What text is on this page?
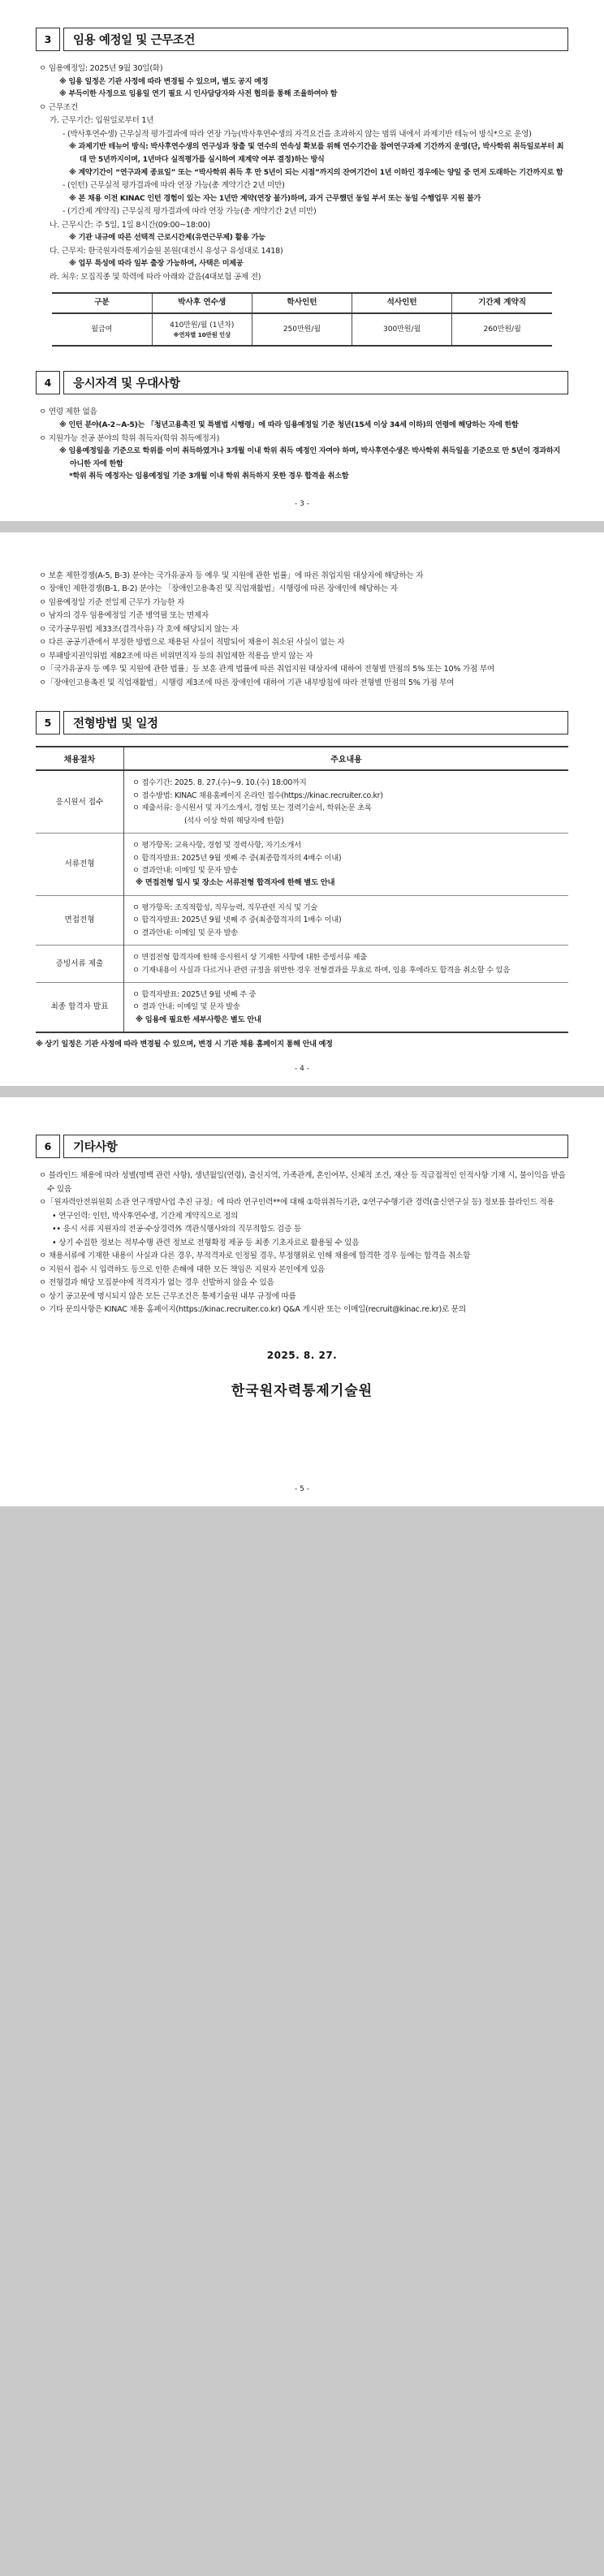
3	임용 예정일 및 근무조건
ㅇ 임용예정일: 2025년 9월 30일(화)
※ 임용 일정은 기관 사정에 따라 변경될 수 있으며, 별도 공지 예정
※ 부득이한 사정으로 임용일 연기 필요 시 인사담당자와 사전 협의를 통해 조율하여야 함
ㅇ 근무조건
가. 근무기간: 입원일로부터 1년
- (박사후연수생) 근무실적 평가결과에 따라 연장 가능(박사후연수생의 자격요건을 초과하지 않는 범위 내에서 과제기반 테뉴어 방식*으로 운영)
※ 과제기반 테뉴어 방식: 박사후연수생의 연구성과 창출 및 연수의 연속성 확보를 위해 연수기간을 참여연구과제 기간까지 운영(단, 박사학위 취득일로부터 최대 만 5년까지이며, 1년마다 실적평가를 실시하여 재계약 여부 결정)하는 방식
※ 계약기간이 “연구과제 종료일” 또는 “박사학위 취득 후 만 5년이 되는 시점”까지의 잔여기간이 1년 이하인 경우에는 양일 중 먼저 도래하는 기간까지로 함
- (인턴) 근무실적 평가결과에 따라 연장 가능(총 계약기간 2년 미만)
※ 본 채용 이전 KINAC 인턴 경험이 있는 자는 1년만 계약(연장 불가)하며, 과거 근무했던 동일 부서 또는 동일 수행업무 지원 불가
- (기간제 계약직) 근무실적 평가결과에 따라 연장 가능(총 계약기간 2년 미만)
나. 근무시간: 주 5일, 1일 8시간(09:00~18:00)
※ 기관 내규에 따른 선택적 근로시간제(유연근무제) 활용 가능
다. 근무지: 한국원자력통제기술원 본원(대전시 유성구 유성대로 1418)
※ 업무 특성에 따라 일부 출장 가능하며, 사택은 미제공
라. 처우: 모집직종 및 학력에 따라 아래와 같음(4대보험 공제 전)
구분	박사후 연수생	학사인턴	석사인턴	기간제 계약직
월급여	410만원/월 (1년차)
※연차별 10만원 인상	250만원/월	300만원/월	260만원/월
4	응시자격 및 우대사항
ㅇ 연령 제한 없음
※ 인턴 분야(A-2~A-5)는 「청년고용촉진 및 특별법 시행령」에 따라 임용예정일 기준 청년(15세 이상 34세 이하)의 연령에 해당하는 자에 한함
ㅇ 지원가능 전공 분야의 학위 취득자(학위 취득예정자)
※ 임용예정일을 기준으로 학위를 이미 취득하였거나 3개월 이내 학위 취득 예정인 자여야 하며, 박사후연수생은 박사학위 취득일을 기준으로 만 5년이 경과하지 아니한 자에 한함
*학위 취득 예정자는 임용예정일 기준 3개월 이내 학위 취득하지 못한 경우 합격을 취소함
- 3 -
ㅇ 보훈 제한경쟁(A-5, B-3) 분야는 국가유공자 등 예우 및 지원에 관한 법률」에 따른 취업지원 대상자에 해당하는 자
ㅇ 장애인 제한경쟁(B-1, B-2) 분야는 「장애인고용촉진 및 직업재활법」시행령에 따른 장애인에 해당하는 자
ㅇ 임용예정일 기준 전일제 근무가 가능한 자
ㅇ 남자의 경우 임용예정일 기준 병역필 또는 면제자
ㅇ 국가공무원법 제33조(결격사유) 각 호에 해당되지 않는 자
ㅇ 다른 공공기관에서 부정한 방법으로 채용된 사실이 적발되어 채용이 취소된 사실이 없는 자
ㅇ 부패방지권익위법 제82조에 따른 비위면직자 등의 취업제한 적용을 받지 않는 자
ㅇ「국가유공자 등 예우 및 지원에 관한 법률」등 보훈 관계 법률에 따른 취업지원 대상자에 대하여 전형별 만점의 5% 또는 10% 가점 부여
ㅇ「장애인고용촉진 및 직업재활법」시행령 제3조에 따른 장애인에 대하여 기관 내부방침에 따라 전형별 만점의 5% 가점 부여
5	전형방법 및 일정
채용절차	주요내용
응시원서 접수	ㅇ 접수기간: 2025. 8. 27.(수)~9. 10.(수) 18:00까지
ㅇ 접수방법: KINAC 채용홈페이지 온라인 접수(https://kinac.recruiter.co.kr)
ㅇ 제출서류: 응시원서 및 자기소개서, 경험 또는 경력기술서, 학위논문 초록
(석사 이상 학위 해당자에 한함)

서류전형	ㅇ 평가항목: 교육사항, 경험 및 경력사항, 자기소개서
ㅇ 합격자발표: 2025년 9월 셋째 주 중(최종합격자의 4배수 이내)
ㅇ 결과안내: 이메일 및 문자 발송
※ 면접전형 일시 및 장소는 서류전형 합격자에 한해 별도 안내

면접전형	ㅇ 평가항목: 조직적합성, 직무능력, 직무관련 지식 및 기술
ㅇ 합격자발표: 2025년 9월 넷째 주 중(최종합격자의 1배수 이내)
ㅇ 결과안내: 이메일 및 문자 발송

증빙서류 제출	ㅇ 면접전형 합격자에 한해 응시원서 상 기재한 사항에 대한 증빙서류 제출
ㅇ 기재내용이 사실과 다르거나 관련 규정을 위반한 경우 전형결과를 무효로 하며, 임용 후에라도 합격을 취소할 수 있음

최종 합격자 발표	ㅇ 합격자발표: 2025년 9월 넷째 주 중
ㅇ 결과 안내: 이메일 및 문자 발송
※ 임용에 필요한 세부사항은 별도 안내
※ 상기 일정은 기관 사정에 따라 변경될 수 있으며, 변경 시 기관 채용 홈페이지 통해 안내 예정
- 4 -
6	기타사항
ㅇ 블라인드 채용에 따라 성별(명백 관련 사항), 생년월일(연령), 출신지역, 가족관계, 혼인여부, 신체적 조건, 재산 등 직급접적인 인적사항 기재 시, 불이익을 받을 수 있음
ㅇ「원자력안전위원회 소관 연구개발사업 추진 규정」에 따라 연구인력**에 대해 ①학위취득기관, ②연구수행기관 경력(출신연구실 등) 정보를 블라인드 적용
• 연구인력: 인턴, 박사후연수생, 기간제 계약직으로 정의
•• 응시 서류 지원자의 전공·수상경력外 객관식행사와의 직무적합도 검증 등
• 상기 수집한 정보는 적부수행 관련 정보로 전형확정 제공 등 최종 기초자료로 활용될 수 있음
ㅇ 채용서류에 기재한 내용이 사실과 다른 경우, 부적격자로 인정될 경우, 부정행위로 인해 채용에 합격한 경우 등에는 합격을 취소함
ㅇ 지원서 접수 시 입력하도 등으로 인한 손해에 대한 모든 책임은 지원자 본인에게 있음
ㅇ 전형결과 해당 모집분야에 적격자가 없는 경우 선발하지 않을 수 있음
ㅇ 상기 공고문에 명시되지 않은 모든 근무조건은 통제기술원 내부 규정에 따름
ㅇ 기타 문의사항은 KINAC 채용 홈페이지(https://kinac.recruiter.co.kr) Q&A 게시판 또는 이메일(recruit@kinac.re.kr)로 문의
2025. 8. 27.
한국원자력통제기술원
- 5 -
